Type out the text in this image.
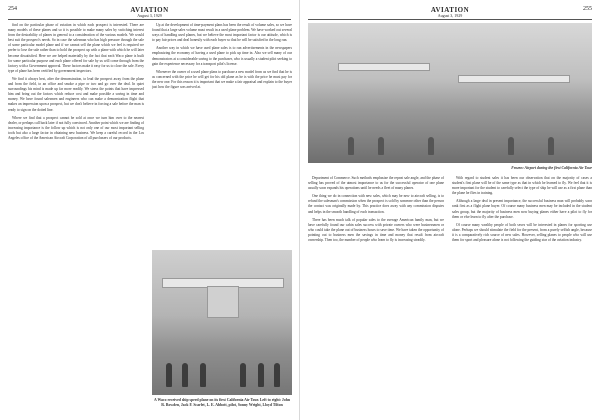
254	AVIATION
August 3, 1929

find on the particular phase of aviation in which each prospect is interested. There are many models of these planes and so it is possible to make many sales by switching interest from the desirability of planes in general to a consideration of the various models. We would best suit the prospect's needs. So in case the salesman who has high pressure through the sale of some particular model plane and if we cannot sell the plane which we feel is required we prefer to lose the sale rather than to hold the prospect up with a plane with which he will later become dissatisfied. Here we are helped materially by the fact that each Waco plane is built for some particular purpose and each plane offered for sale by us will come through from the factory with a Government approval. These factors make it easy for us to close the sale. Every type of plane has been certified by government inspectors.

We find it always best, after the demonstration, to lead the prospect away from the plane and from the field, to an office and smoke a pipe or two and go over the deal. In quiet surroundings his mind is made up far more readily. We stress the points that have impressed him and bring out the factors which reduce cost and make possible a saving in time and money. We have found salesmen and engineers who can make a demonstration flight that makes an impression upon a prospect, but we don't believe in forcing a sale before the man is ready to sign on the dotted line.

Where we find that a prospect cannot be sold at once we turn him over to the nearest dealer, or perhaps call back later if not fully convinced. Another point which we are finding of increasing importance is the follow up which is not only one of our most important selling tools but also a large factor in obtaining new business. We keep a careful record in the Los Angeles office of the American Aircraft Corporation of all purchasers of our products.

Up at the development of time-payment plans has been the result of volume sales, so we have found that a large sales volume must result in a used plane problem. We have worked out several ways of handling used planes, but we believe the most important factor is our attitude, which is to pay fair prices and deal honestly with each buyer so that he will be satisfied in the long run.

Another way in which we have used plane sales is to run advertisements in the newspapers emphasizing the economy of having a used plane to pick up time in. Also we sell many of our demonstrators at a considerable saving to the purchaser, who is usually a student pilot seeking to gain the experience necessary for a transport pilot's license.

Whenever the owner of a used plane plans to purchase a new model from us we find that he is as concerned with the price he will get for his old plane as he is with the price he must pay for the new one. For this reason it is important that we make a fair appraisal and explain to the buyer just how the figure was arrived at.

A Waco received ship speed plane on its first California Air Tour. Left to right: John R. Bowden, Jack F. Scarlet, L. E. Abbott, pilot, Sonny Wright, Lloyd Tilton
AVIATION
August 3, 1929
255
Frozen: Airport during the first California Air Tour

Department of Commerce. Such methods emphasize the repeat sale angle, and the phase of selling has proved of the utmost importance to us for the successful operator of one plane usually soon expands his operations until he needs a fleet of many planes.

One thing we do in connection with new sales, which may be new to aircraft selling, is to refund the salesman's commission when the prospect is sold by someone other than the person the contact was originally made by. This practice does away with any commission disputes and helps in the smooth handling of each transaction.

There has been much talk of popular sales to the average American family man, but we have carefully found our cabin sales success with private owners who were businessmen or who could take the plane out of business hours to save time. We have taken the opportunity of pointing out to business men the savings in time and money that result from aircraft ownership. Then too, the number of people who learn to fly is increasing steadily.

With regard to student sales it has been our observation that on the majority of cases a student's first plane will be of the same type as that in which he learned to fly. We feel that it is more important for the student to carefully select the type of ship he will use as a first plane than the plane he flies in training.

Although a large deal in present importance, the successful business man will probably soon rank first as a flight plane buyer. Of course many business men may be included in the student sales group, but the majority of business men now buying planes either have a pilot to fly for them or else learn to fly after the purchase.

Of course many wealthy people of both sexes will be interested in planes for sporting use alone. Perhaps we should stimulate the field for the present, from a purely selfish angle, because it is a comparatively rich source of new sales. However, selling planes to people who will use them for sport and pleasure alone is not following the guiding star of the aviation industry.
